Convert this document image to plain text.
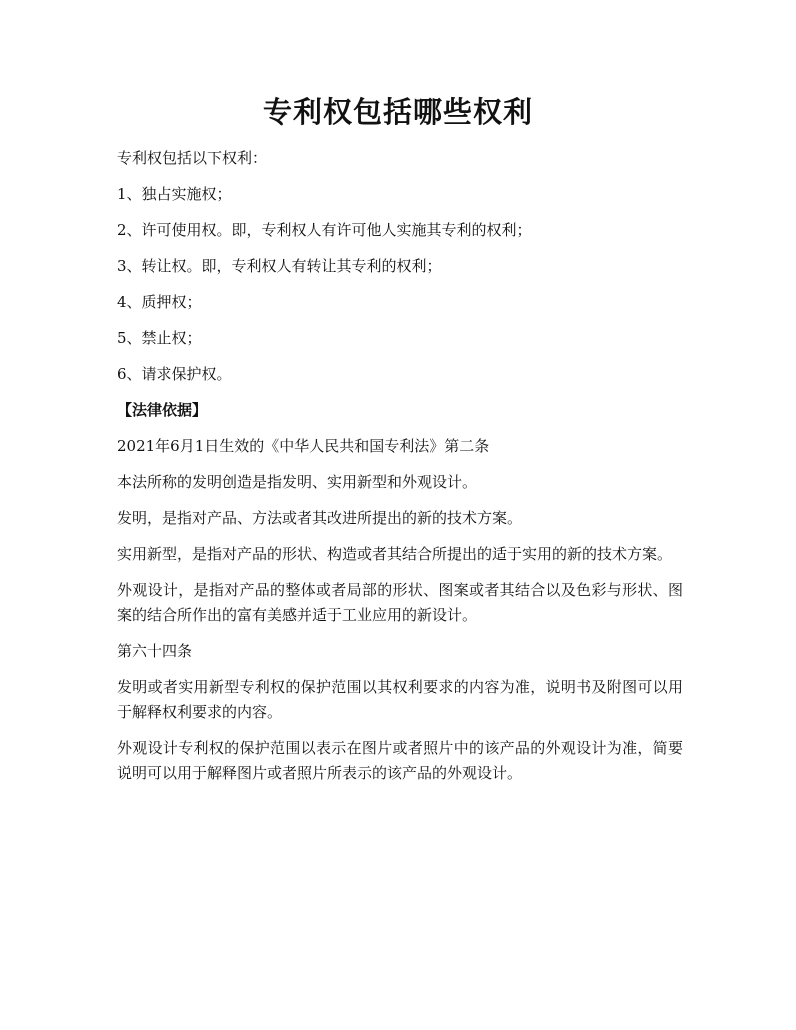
专利权包括哪些权利

专利权包括以下权利：

1、独占实施权；

2、许可使用权。即，专利权人有许可他人实施其专利的权利；

3、转让权。即，专利权人有转让其专利的权利；

4、质押权；

5、禁止权；

6、请求保护权。

【法律依据】

2021年6月1日生效的《中华人民共和国专利法》第二条

本法所称的发明创造是指发明、实用新型和外观设计。

发明，是指对产品、方法或者其改进所提出的新的技术方案。

实用新型，是指对产品的形状、构造或者其结合所提出的适于实用的新的技术方案。

外观设计，是指对产品的整体或者局部的形状、图案或者其结合以及色彩与形状、图案的结合所作出的富有美感并适于工业应用的新设计。

第六十四条

发明或者实用新型专利权的保护范围以其权利要求的内容为准，说明书及附图可以用于解释权利要求的内容。

外观设计专利权的保护范围以表示在图片或者照片中的该产品的外观设计为准，简要说明可以用于解释图片或者照片所表示的该产品的外观设计。
